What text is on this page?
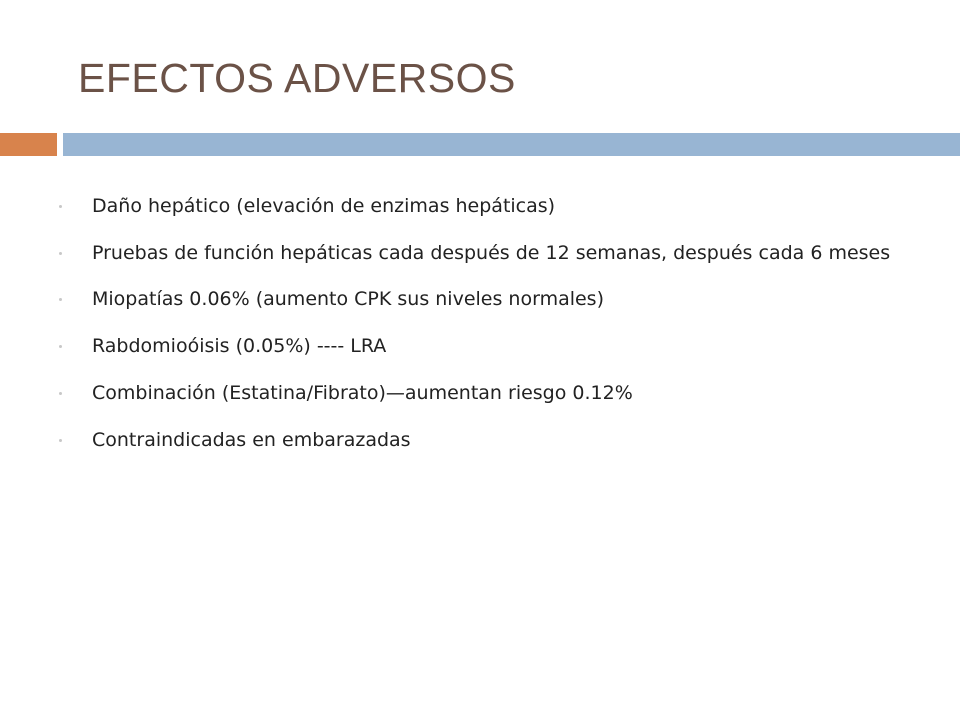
EFECTOS ADVERSOS
Daño hepático (elevación de enzimas hepáticas)
Pruebas de función hepáticas cada después de 12 semanas, después cada 6 meses
Miopatías 0.06% (aumento CPK sus niveles normales)
Rabdomioóisis (0.05%) ---- LRA
Combinación (Estatina/Fibrato)—aumentan riesgo 0.12%
Contraindicadas en embarazadas
